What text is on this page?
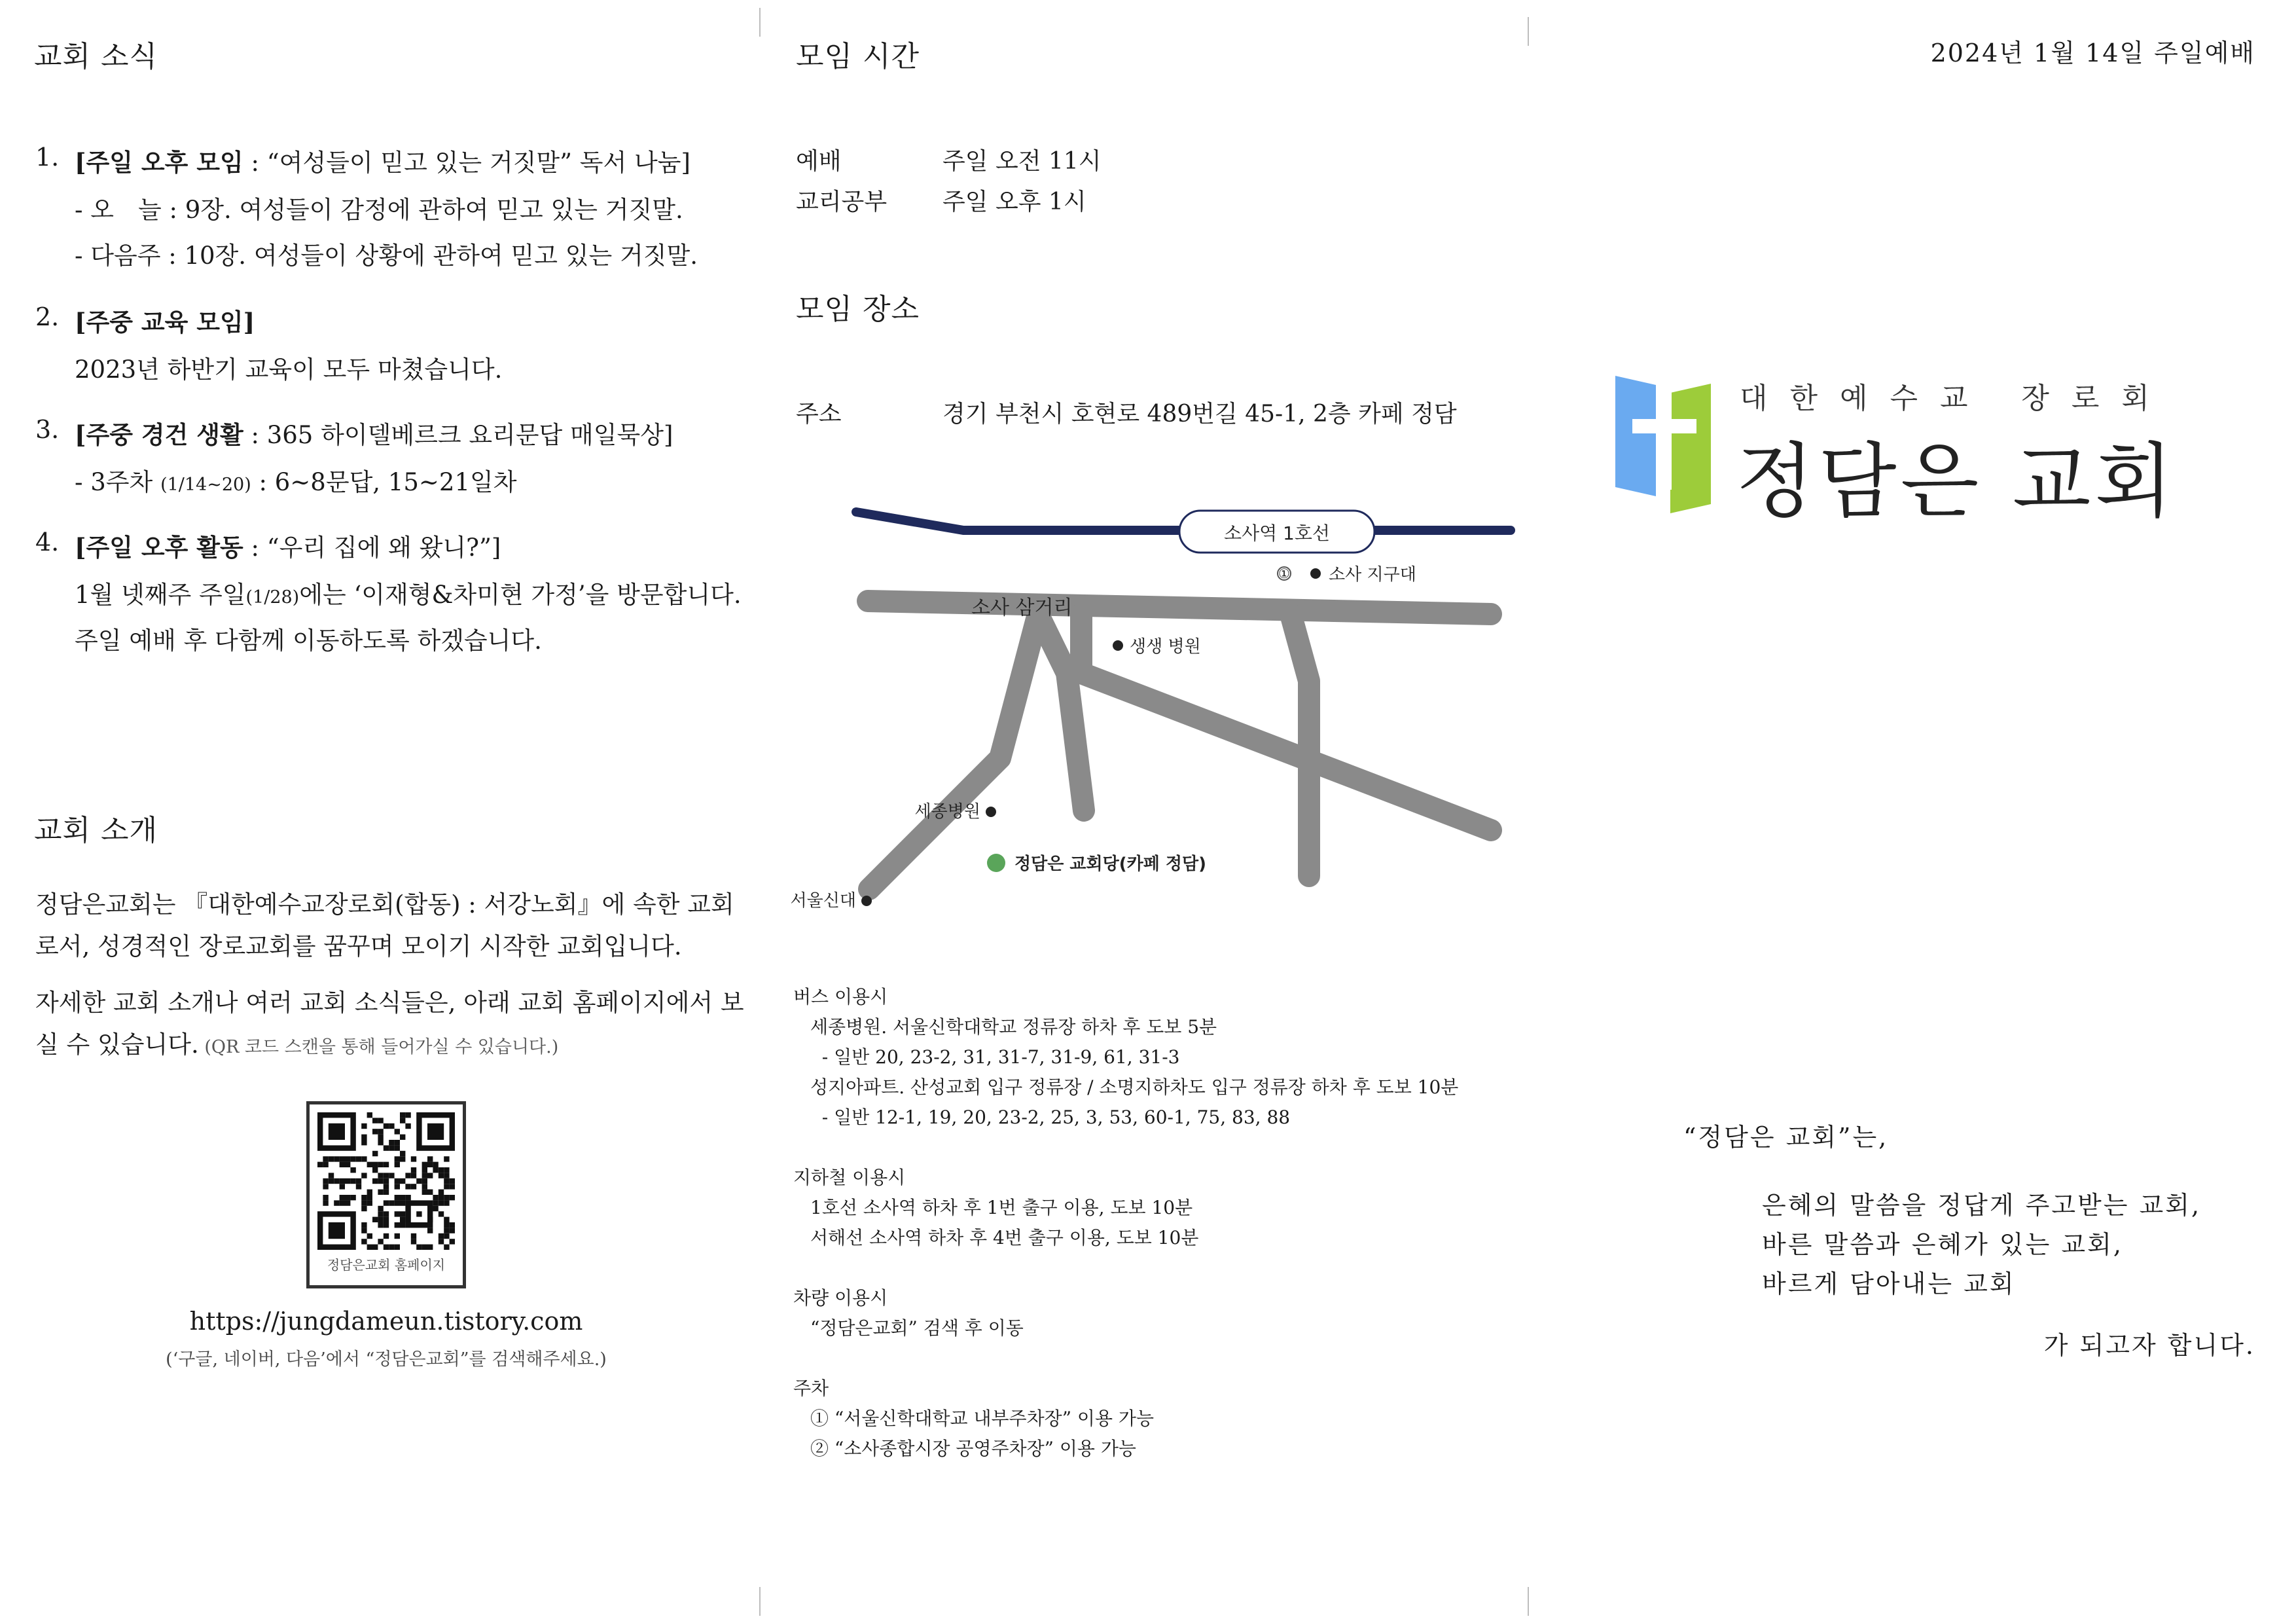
교회 소식
1. [주일 오후 모임 : “여성들이 믿고 있는 거짓말” 독서 나눔]
- 오　늘 : 9장. 여성들이 감정에 관하여 믿고 있는 거짓말.
- 다음주 : 10장. 여성들이 상황에 관하여 믿고 있는 거짓말.
2. [주중 교육 모임]
2023년 하반기 교육이 모두 마쳤습니다.
3. [주중 경건 생활 : 365 하이델베르크 요리문답 매일묵상]
- 3주차 (1/14~20) : 6~8문답, 15~21일차
4. [주일 오후 활동 : “우리 집에 왜 왔니?”]
1월 넷째주 주일(1/28)에는 ‘이재형&차미현 가정’을 방문합니다.
주일 예배 후 다함께 이동하도록 하겠습니다.
교회 소개

정담은교회는 『대한예수교장로회(합동) : 서강노회』에 속한 교회로서, 성경적인 장로교회를 꿈꾸며 모이기 시작한 교회입니다.

자세한 교회 소개나 여러 교회 소식들은, 아래 교회 홈페이지에서 보실 수 있습니다. (QR 코드 스캔을 통해 들어가실 수 있습니다.)

정담은교회 홈페이지
https://jungdameun.tistory.com
(‘구글, 네이버, 다음’에서 “정담은교회”를 검색해주세요.)
모임 시간
예배	주일 오전 11시
교리공부 주일 오후 1시
모임 장소
주소	경기 부천시 호현로 489번길 45-1, 2층 카페 정담
소사역 1호선
소사 삼거리
① 소사 지구대
생생 병원
세종병원
정담은 교회당(카페 정담)
서울신대

버스 이용시

세종병원. 서울신학대학교 정류장 하차 후 도보 5분

- 일반 20, 23-2, 31, 31-7, 31-9, 61, 31-3

성지아파트. 산성교회 입구 정류장 / 소명지하차도 입구 정류장 하차 후 도보 10분

- 일반 12-1, 19, 20, 23-2, 25, 3, 53, 60-1, 75, 83, 88

지하철 이용시

1호선 소사역 하차 후 1번 출구 이용, 도보 10분

서해선 소사역 하차 후 4번 출구 이용, 도보 10분

차량 이용시

“정담은교회” 검색 후 이동

주차

① “서울신학대학교 내부주차장” 이용 가능

② “소사종합시장 공영주차장” 이용 가능

2024년 1월 14일 주일예배
대 한 예 수 교   장 로 회
정담은 교회
“정담은 교회”는,
은혜의 말씀을 정답게 주고받는 교회,
바른 말씀과 은혜가 있는 교회,
바르게 담아내는 교회
가 되고자 합니다.
